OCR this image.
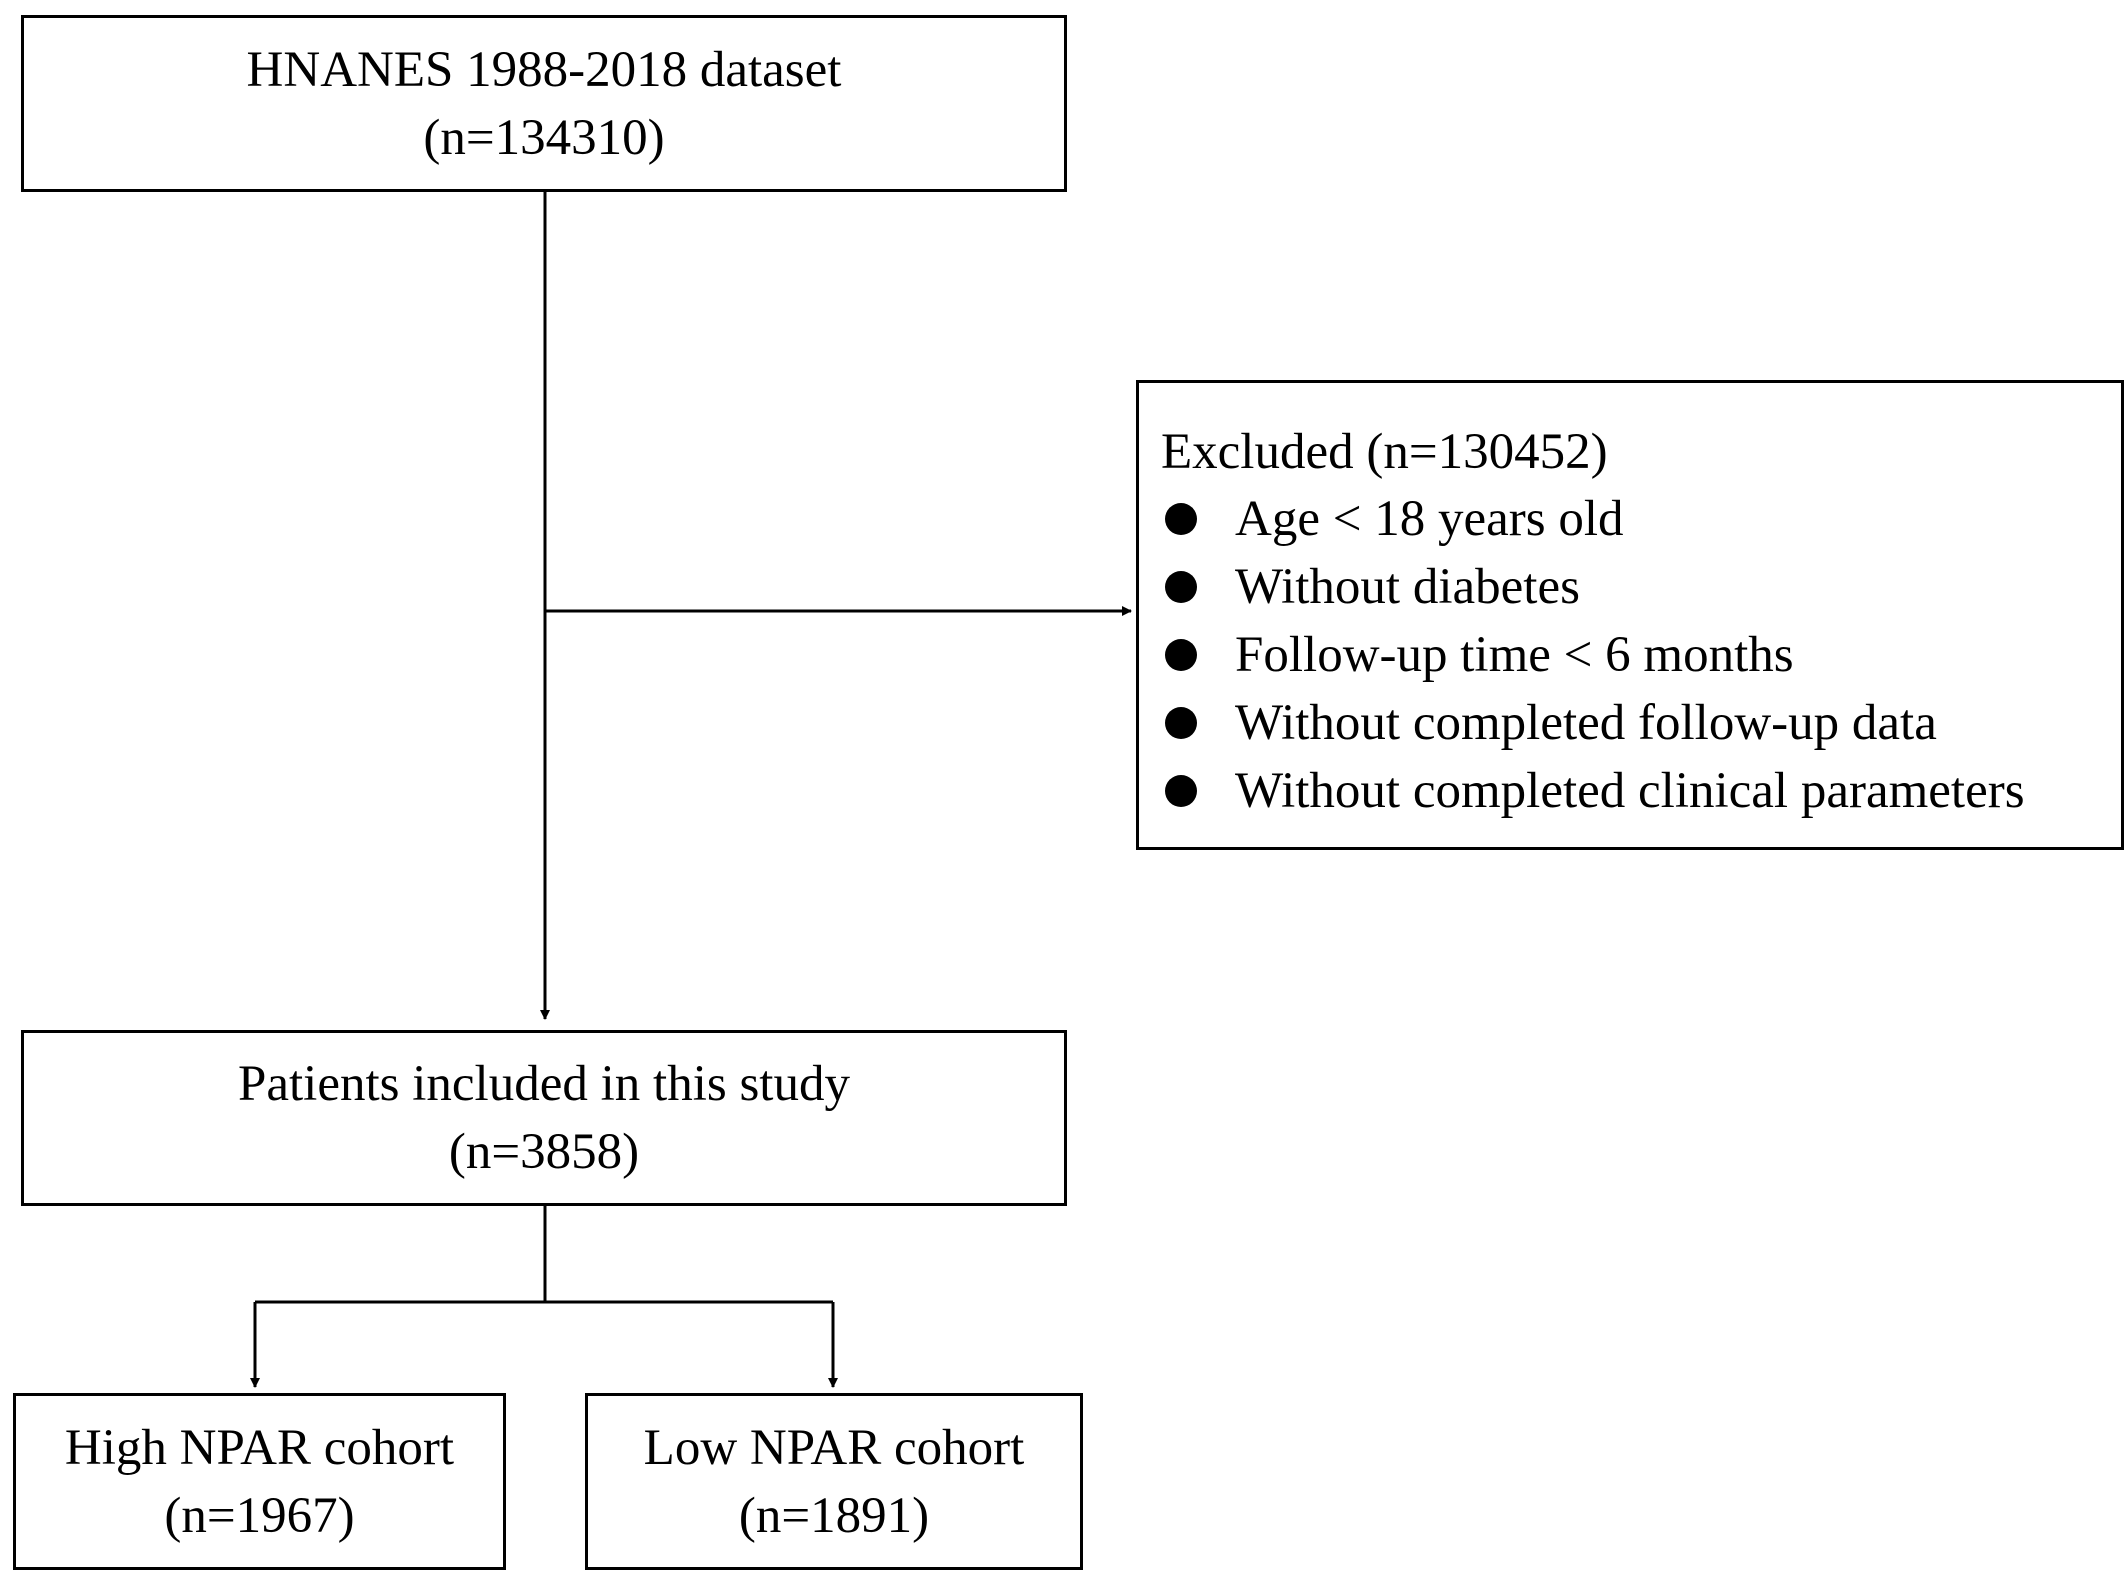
HNANES 1988-2018 dataset
(n=134310)
Excluded (n=130452)
Age < 18 years old
Without diabetes
Follow-up time < 6 months
Without completed follow-up data
Without completed clinical parameters
Patients included in this study
(n=3858)
High NPAR cohort
(n=1967)
Low NPAR cohort
(n=1891)
